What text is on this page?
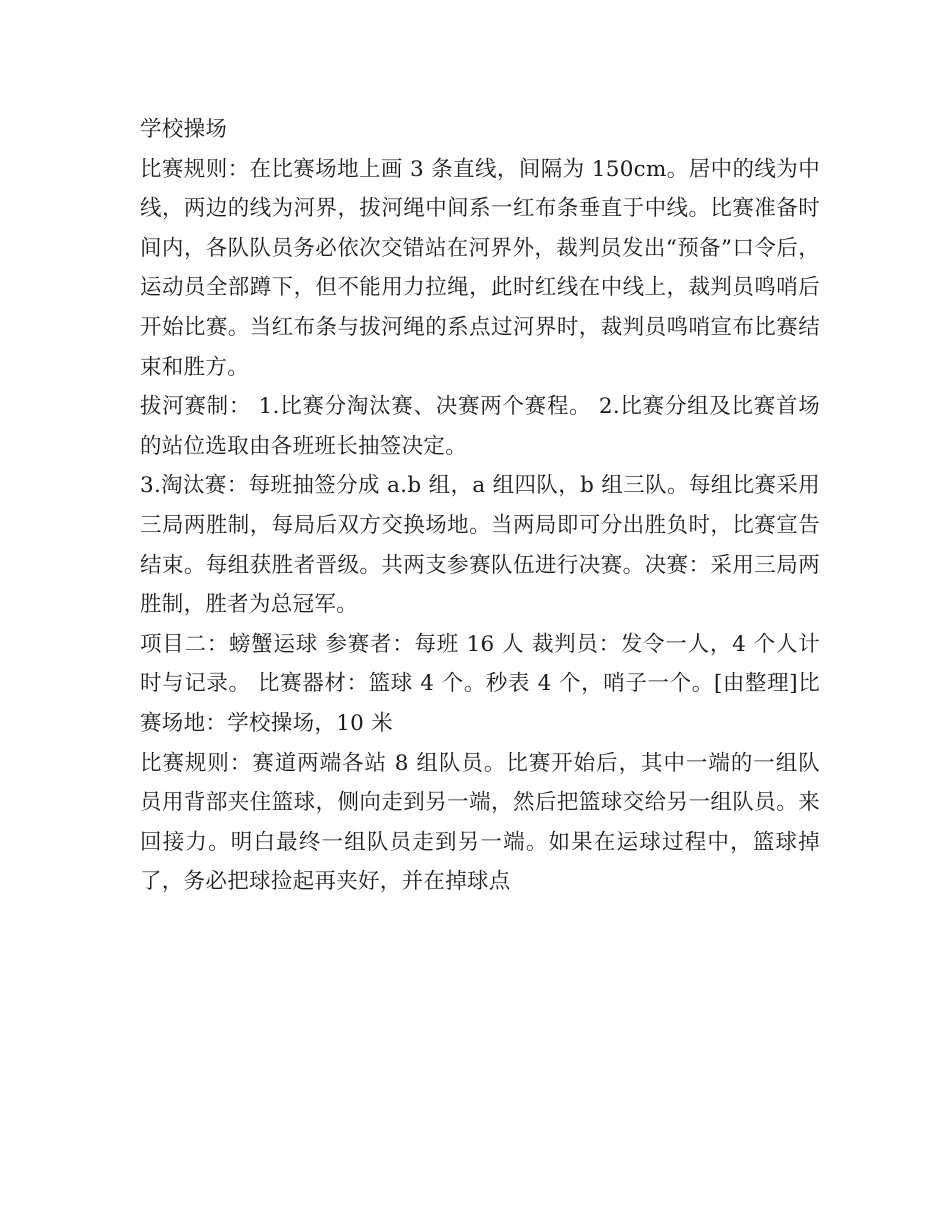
学校操场

比赛规则：在比赛场地上画 3 条直线，间隔为 150cm。居中的线为中线，两边的线为河界，拔河绳中间系一红布条垂直于中线。比赛准备时间内，各队队员务必依次交错站在河界外，裁判员发出“预备”口令后，运动员全部蹲下，但不能用力拉绳，此时红线在中线上，裁判员鸣哨后开始比赛。当红布条与拔河绳的系点过河界时，裁判员鸣哨宣布比赛结束和胜方。

拔河赛制： 1.比赛分淘汰赛、决赛两个赛程。 2.比赛分组及比赛首场的站位选取由各班班长抽签决定。

3.淘汰赛：每班抽签分成 a.b 组，a 组四队，b 组三队。每组比赛采用三局两胜制，每局后双方交换场地。当两局即可分出胜负时，比赛宣告结束。每组获胜者晋级。共两支参赛队伍进行决赛。决赛：采用三局两胜制，胜者为总冠军。

项目二：螃蟹运球 参赛者：每班 16 人 裁判员：发令一人，4 个人计时与记录。 比赛器材：篮球 4 个。秒表 4 个，哨子一个。[由整理]比赛场地：学校操场，10 米

比赛规则：赛道两端各站 8 组队员。比赛开始后，其中一端的一组队员用背部夹住篮球，侧向走到另一端，然后把篮球交给另一组队员。来回接力。明白最终一组队员走到另一端。如果在运球过程中，篮球掉了，务必把球捡起再夹好，并在掉球点
